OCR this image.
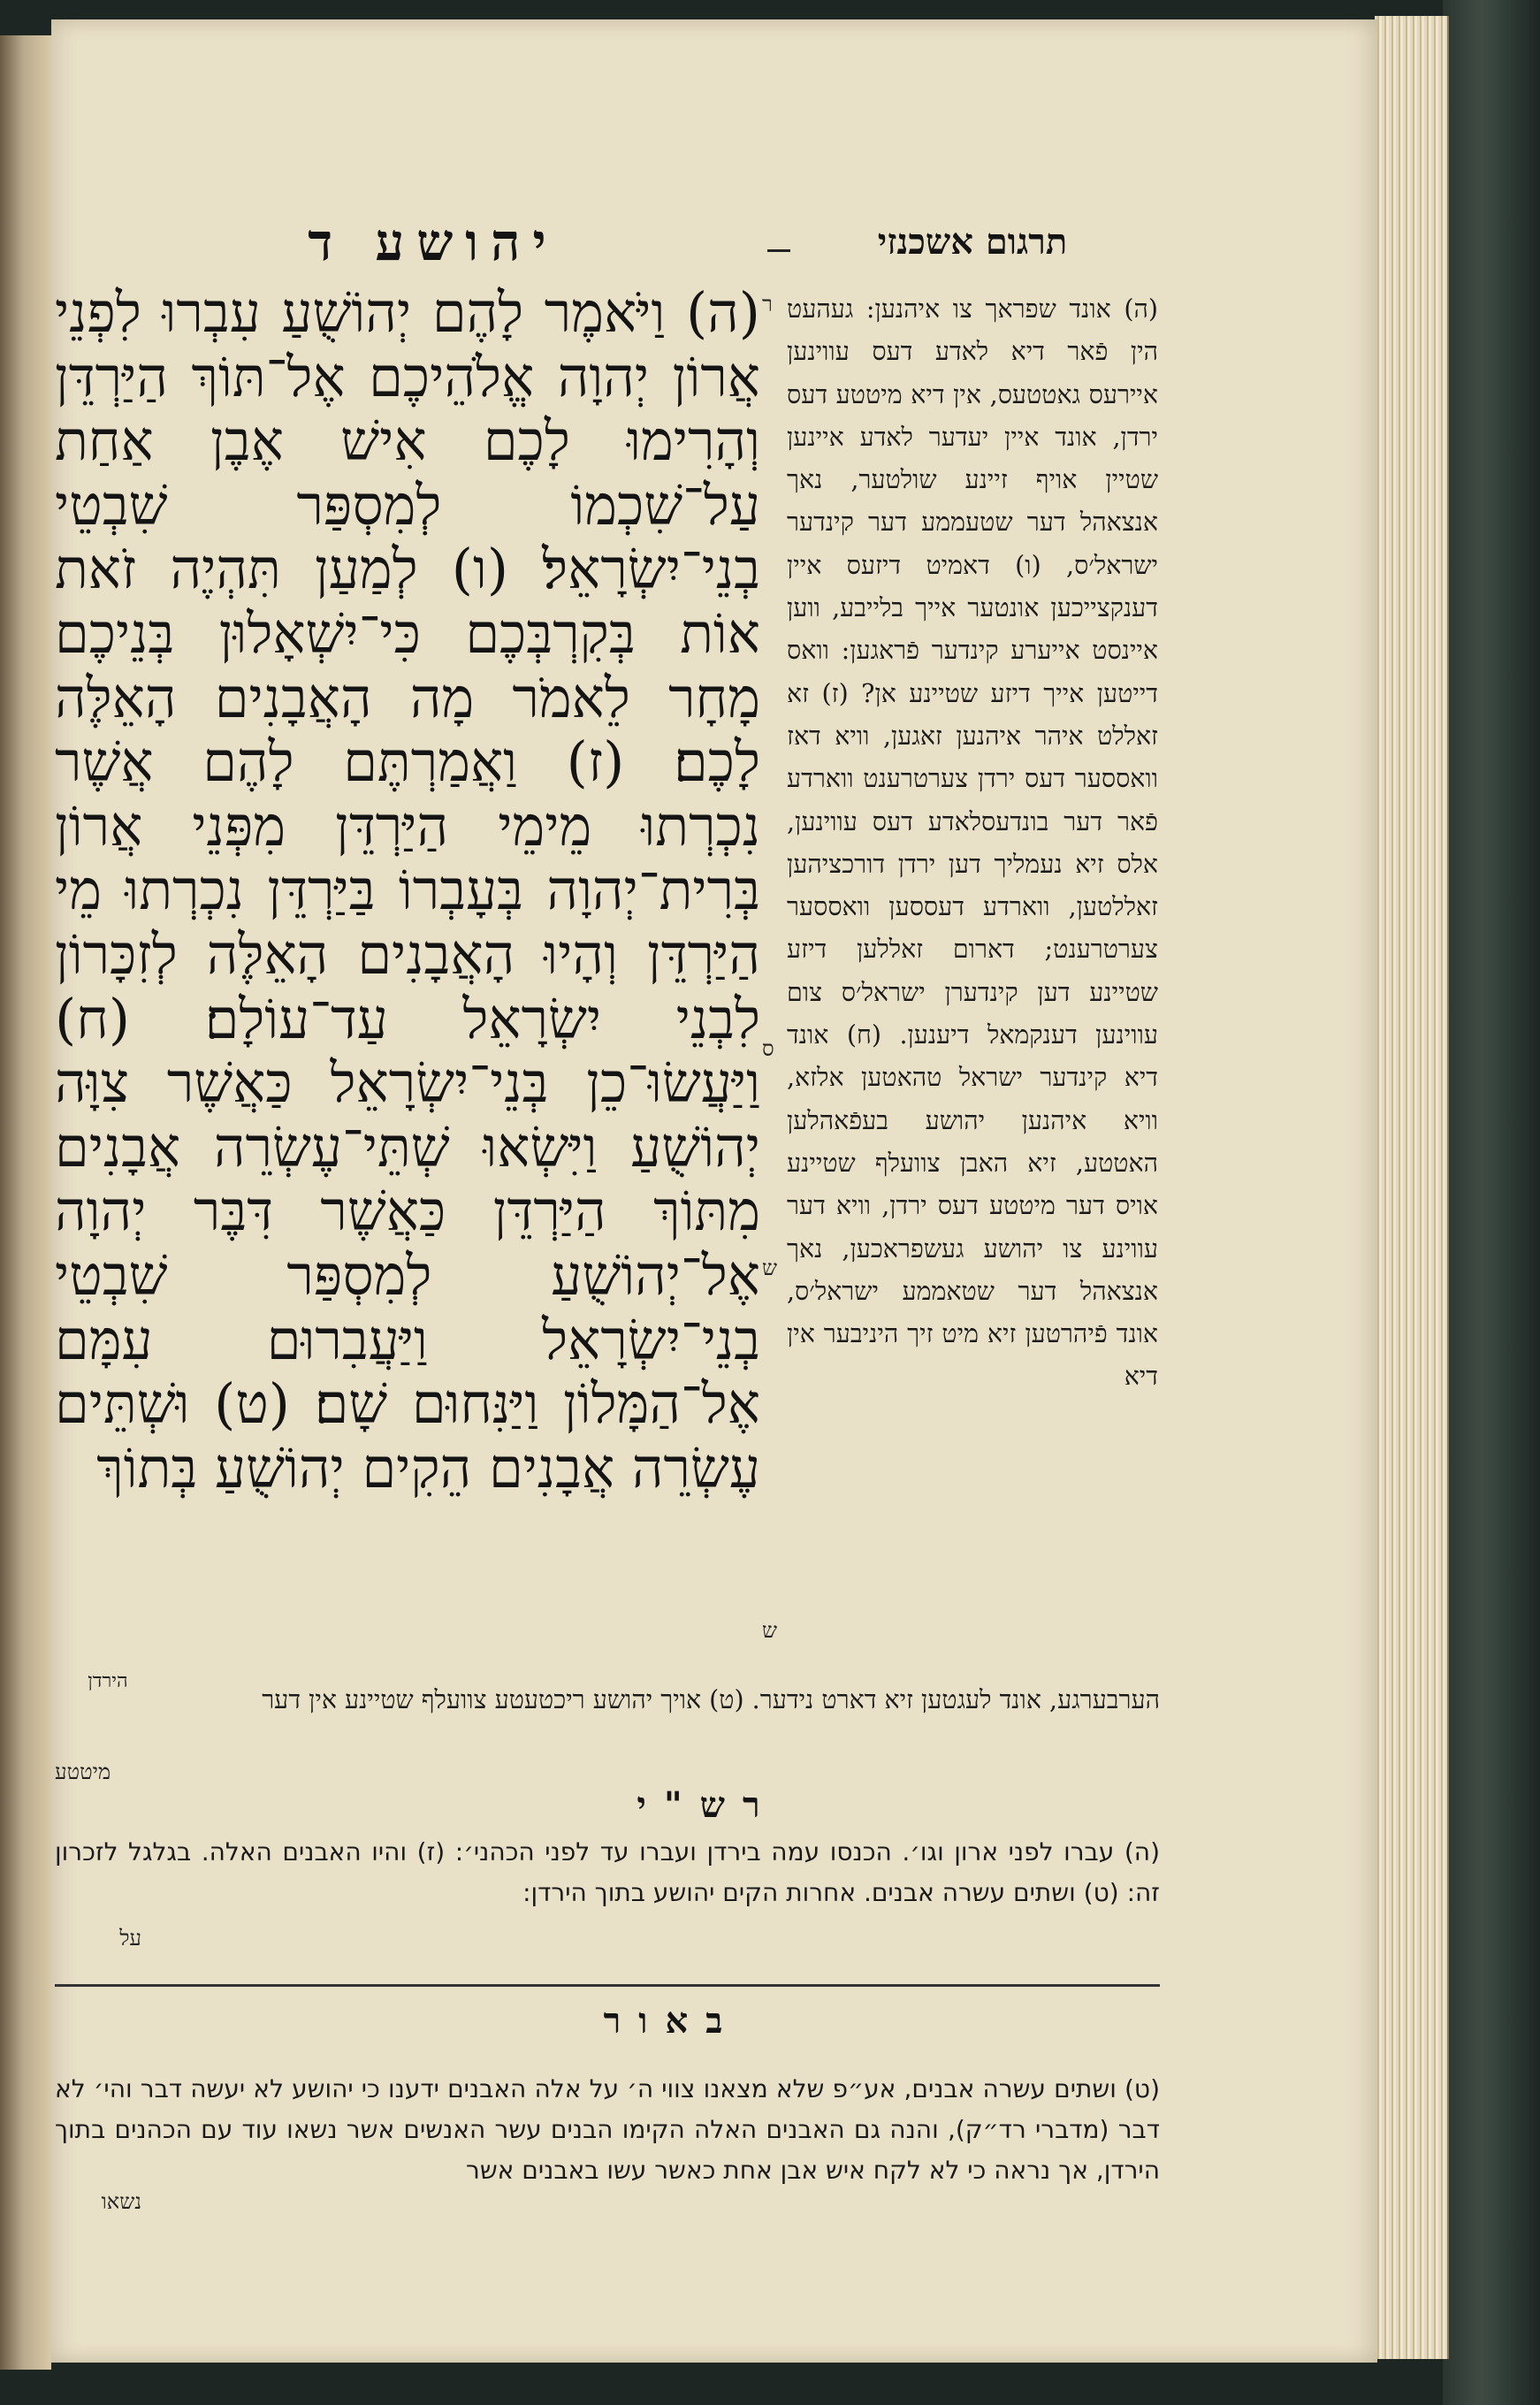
יהושע ד	תרגום אשכנזי
(ה) וַיֹּאמֶר לָהֶם יְהוֹשֻׁעַ עִבְרוּ לִפְנֵי אֲרוֹן יְהוָה אֱלֹהֵיכֶם אֶל־תּוֹךְ הַיַּרְדֵּן וְהָרִימוּ לָכֶם אִישׁ אֶבֶן אַחַת עַל־שִׁכְמוֹ לְמִסְפַּר שִׁבְטֵי בְנֵי־יִשְׂרָאֵל׃ (ו) לְמַעַן תִּהְיֶה זֹאת אוֹת בְּקִרְבְּכֶם כִּי־יִשְׁאָלוּן בְּנֵיכֶם מָחָר לֵאמֹר מָה הָאֲבָנִים הָאֵלֶּה לָכֶם׃ (ז) וַאֲמַרְתֶּם לָהֶם אֲשֶׁר נִכְרְתוּ מֵימֵי הַיַּרְדֵּן מִפְּנֵי אֲרוֹן בְּרִית־יְהוָה בְּעָבְרוֹ בַּיַּרְדֵּן נִכְרְתוּ מֵי הַיַּרְדֵּן וְהָיוּ הָאֲבָנִים הָאֵלֶּה לְזִכָּרוֹן לִבְנֵי יִשְׂרָאֵל עַד־עוֹלָם׃ (ח) וַיַּעֲשׂוּ־כֵן בְּנֵי־יִשְׂרָאֵל כַּאֲשֶׁר צִוָּה יְהוֹשֻׁעַ וַיִּשְׂאוּ שְׁתֵּי־עֶשְׂרֵה אֲבָנִים מִתּוֹךְ הַיַּרְדֵּן כַּאֲשֶׁר דִּבֶּר יְהוָה אֶל־יְהוֹשֻׁעַ לְמִסְפַּר שִׁבְטֵי בְנֵי־יִשְׂרָאֵל וַיַּעֲבִרוּם עִמָּם אֶל־הַמָּלוֹן וַיַּנִּחוּם שָׁם׃ (ט) וּשְׁתֵּים עֶשְׂרֵה אֲבָנִים הֵקִים יְהוֹשֻׁעַ בְּתוֹךְ
(ה) אונד שפראך צו איהנען: געהעט הין פֿאר דיא לאדע דעס עווינען איירעס גאטטעס, אין דיא מיטטע דעס ירדן, אונד איין יעדער לאדע איינען שטיין אויף זיינע שולטער, נאך אנצאהל דער שטעממע דער קינדער ישראל׳ס, (ו) דאמיט דיזעס איין דענקצייכען אונטער אייך בלייבע, ווען איינסט אייערע קינדער פֿראגען: וואס דייטען אייך דיזע שטיינע אן? (ז) זא זאללט איהר איהנען זאגען, וויא דאז וואססער דעס ירדן צערטרענט ווארדע פֿאר דער בונדעסלאדע דעס עווינען, אלס זיא נעמליך דען ירדן דורכציהען זאללטען, ווארדע דעססען וואססער צערטרענט; דארום זאללען דיזע שטיינע דען קינדערן ישראל׳ס צום עווינען דענקמאל דיענען. (ח) אונד דיא קינדער ישראל טהאטען אלזא, וויא איהנען יהושע בעפֿאהלען האטטע, זיא האבן צוועלף שטיינע אויס דער מיטטע דעס ירדן, וויא דער עווינע צו יהושע געשפראכען, נאך אנצאהל דער שטאממע ישראל׳ס, אונד פֿיהרטען זיא מיט זיך היניבער אין דיא
ר
ס
ש
ש
הירדן
הערבערגע, אונד לעגטען זיא דארט נידער. (ט) אויך יהושע ריכטעטע צוועלף שטיינע אין דער
מיטטע
רש"י
(ה) עברו לפני ארון וגו׳. הכנסו עמה בירדן ועברו עד לפני הכהני׳: (ז) והיו האבנים האלה. בגלגל לזכרון זה: (ט) ושתים עשרה אבנים. אחרות הקים יהושע בתוך הירדן:
על
באור
(ט) ושתים עשרה אבנים, אע״פ שלא מצאנו צווי ה׳ על אלה האבנים ידענו כי יהושע לא יעשה דבר והי׳ לא דבר (מדברי רד״ק), והנה גם האבנים האלה הקימו הבנים עשר האנשים אשר נשאו עוד עם הכהנים בתוך הירדן, אך נראה כי לא לקח איש אבן אחת כאשר עשו באבנים אשר
נשאו
